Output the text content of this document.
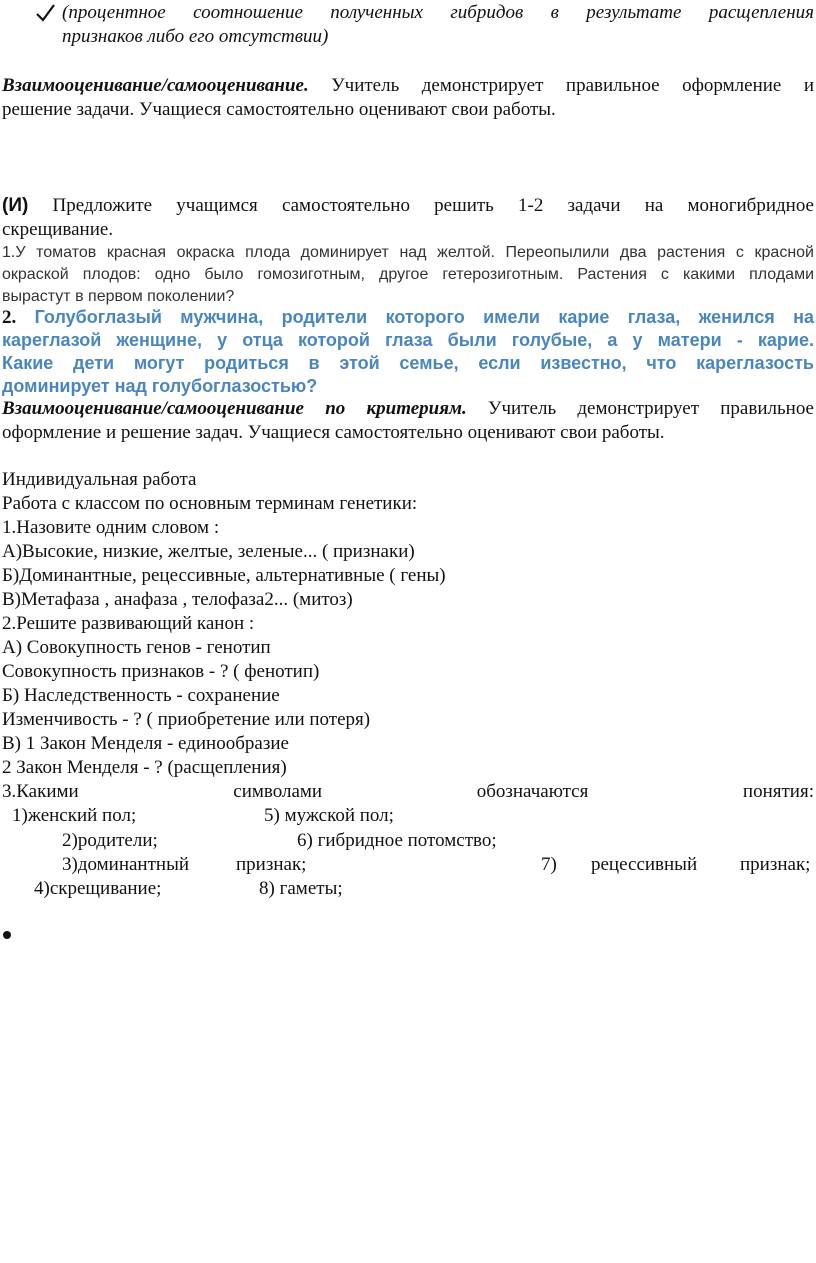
(процентное соотношение полученных гибридов в результате расщепления
признаков либо его отсутствии)
Взаимооценивание/самооценивание. Учитель демонстрирует правильное оформление и
решение задачи. Учащиеся самостоятельно оценивают свои работы.
(И) Предложите учащимся самостоятельно решить 1-2 задачи на моногибридное
скрещивание.
1.У томатов красная окраска плода доминирует над желтой. Переопылили два растения с красной
окраской плодов: одно было гомозиготным, другое гетерозиготным. Растения с какими плодами
вырастут в первом поколении?
2. Голубоглазый мужчина, родители которого имели карие глаза, женился на
кареглазой женщине, у отца которой глаза были голубые, а у матери - карие.
Какие дети могут родиться в этой семье, если известно, что кареглазость
доминирует над голубоглазостью?
Взаимооценивание/самооценивание по критериям. Учитель демонстрирует правильное
оформление и решение задач. Учащиеся самостоятельно оценивают свои работы.
Индивидуальная работа
Работа с классом по основным терминам генетики:
1.Назовите одним словом :
А)Высокие, низкие, желтые, зеленые... ( признаки)
Б)Доминантные, рецессивные, альтернативные ( гены)
В)Метафаза , анафаза , телофаза2... (митоз)
2.Решите развивающий канон :
А) Совокупность генов - генотип
Совокупность признаков - ? ( фенотип)
Б) Наследственность - сохранение
Изменчивость - ? ( приобретение или потеря)
В) 1 Закон Менделя - единообразие
2 Закон Менделя - ? (расщепления)
3.Какими	символами	обозначаются	понятия:
1)женский пол;	5) мужской пол;
2)родители;	6) гибридное потомство;
3)доминантный признак;	7) рецессивный признак;
4)скрещивание;	8) гаметы;
